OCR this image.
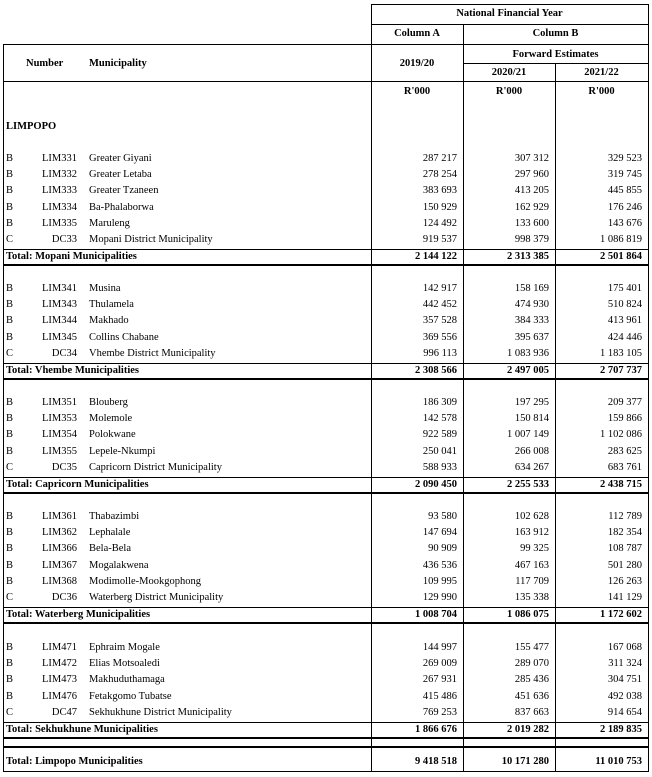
National Financial Year
Column A	Column B
Number Municipality	2019/20
Forward Estimates
2020/21	2021/22
R'000	R'000	R'000
LIMPOPO
B	LIM331 Greater Giyani	287 217	307 312	329 523
B	LIM332 Greater Letaba	278 254	297 960	319 745
B	LIM333 Greater Tzaneen	383 693	413 205	445 855
B	LIM334 Ba-Phalaborwa	150 929	162 929	176 246
B	LIM335 Maruleng	124 492	133 600	143 676
C	DC33 Mopani District Municipality	919 537	998 379	1 086 819
Total: Mopani Municipalities	2 144 122	2 313 385	2 501 864
B	LIM341 Musina	142 917	158 169	175 401
B	LIM343 Thulamela	442 452	474 930	510 824
B	LIM344 Makhado	357 528	384 333	413 961
B	LIM345 Collins Chabane	369 556	395 637	424 446
C	DC34 Vhembe District Municipality	996 113	1 083 936	1 183 105
Total: Vhembe Municipalities	2 308 566	2 497 005	2 707 737
B	LIM351 Blouberg	186 309	197 295	209 377
B	LIM353 Molemole	142 578	150 814	159 866
B	LIM354 Polokwane	922 589	1 007 149	1 102 086
B	LIM355 Lepele-Nkumpi	250 041	266 008	283 625
C	DC35 Capricorn District Municipality	588 933	634 267	683 761
Total: Capricorn Municipalities	2 090 450	2 255 533	2 438 715
B	LIM361 Thabazimbi	93 580	102 628	112 789
B	LIM362 Lephalale	147 694	163 912	182 354
B	LIM366 Bela-Bela	90 909	99 325	108 787
B	LIM367 Mogalakwena	436 536	467 163	501 280
B	LIM368 Modimolle-Mookgophong	109 995	117 709	126 263
C	DC36 Waterberg District Municipality	129 990	135 338	141 129
Total: Waterberg Municipalities	1 008 704	1 086 075	1 172 602
B	LIM471 Ephraim Mogale	144 997	155 477	167 068
B	LIM472 Elias Motsoaledi	269 009	289 070	311 324
B	LIM473 Makhuduthamaga	267 931	285 436	304 751
B	LIM476 Fetakgomo Tubatse	415 486	451 636	492 038
C	DC47 Sekhukhune District Municipality	769 253	837 663	914 654
Total: Sekhukhune Municipalities	1 866 676	2 019 282	2 189 835
Total: Limpopo Municipalities	9 418 518	10 171 280	11 010 753
